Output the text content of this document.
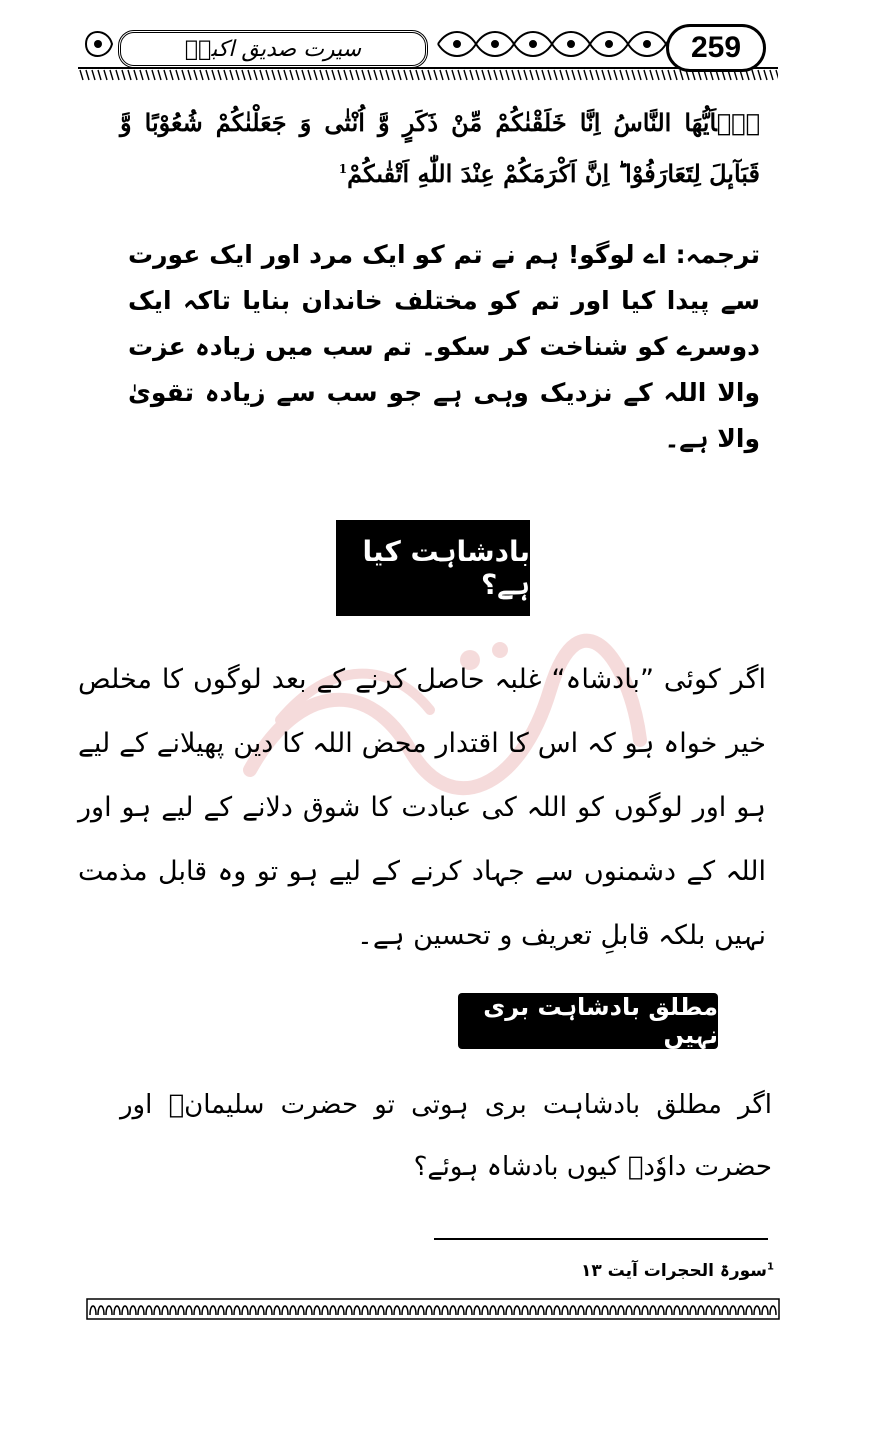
سیرت صدیق اکبرؓ	259
یٰۤاَیُّهَا النَّاسُ اِنَّا خَلَقْنٰكُمْ مِّنْ ذَكَرٍ وَّ اُنْثٰى وَ جَعَلْنٰكُمْ شُعُوْبًا وَّ قَبَآىٕلَ لِتَعَارَفُوْا ؕ اِنَّ اَكْرَمَكُمْ عِنْدَ اللّٰهِ اَتْقٰىكُمْ$^1$
ترجمہ: اے لوگو! ہم نے تم کو ایک مرد اور ایک عورت سے پیدا کیا اور تم کو مختلف خاندان بنایا تاکہ ایک دوسرے کو شناخت کر سکو۔ تم سب میں زیادہ عزت والا اللہ کے نزدیک وہی ہے جو سب سے زیادہ تقویٰ والا ہے۔
بادشاہت کیا ہے؟
اگر کوئی ”بادشاہ“ غلبہ حاصل کرنے کے بعد لوگوں کا مخلص خیر خواہ ہو کہ اس کا اقتدار محض اللہ کا دین پھیلانے کے لیے ہو اور لوگوں کو اللہ کی عبادت کا شوق دلانے کے لیے ہو اور اللہ کے دشمنوں سے جہاد کرنے کے لیے ہو تو وہ قابل مذمت نہیں بلکہ قابلِ تعریف و تحسین ہے۔
مطلق بادشاہت بری نہیں
اگر مطلق بادشاہت بری ہوتی تو حضرت سلیمانؑ اور حضرت داوٗدؑ کیوں بادشاہ ہوئے؟
$^1$سورۃ الحجرات آیت ۱۳
